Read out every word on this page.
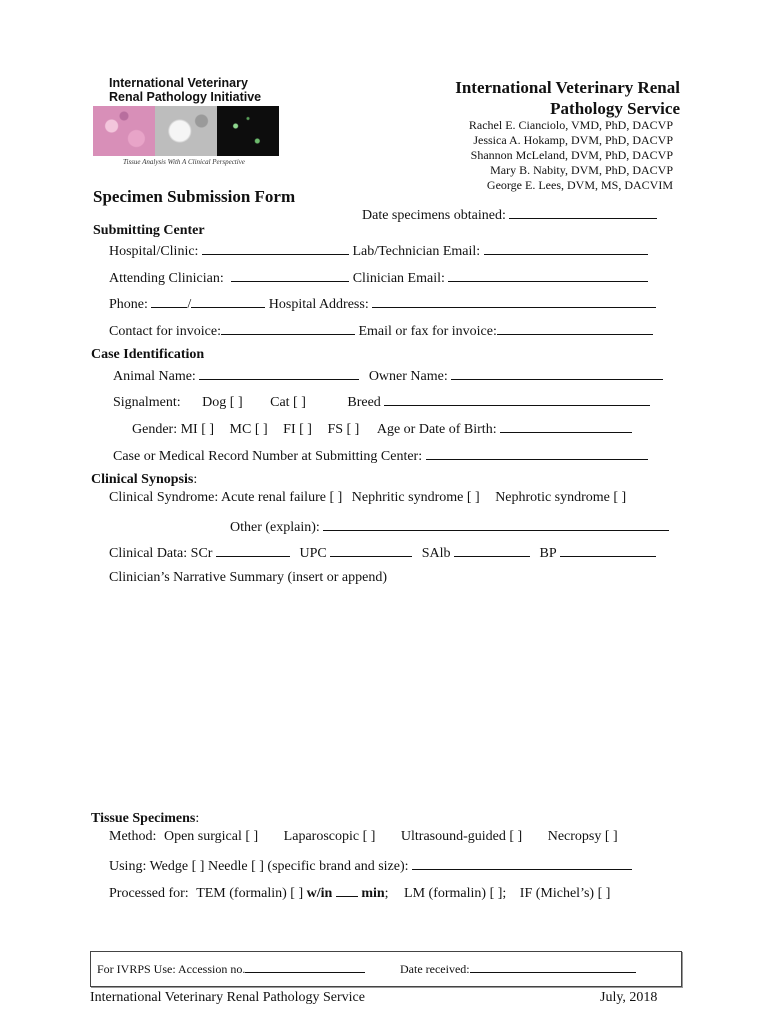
International Veterinary
Renal Pathology Initiative
Tissue Analysis With A Clinical Perspective
International Veterinary Renal
Pathology Service
Rachel E. Cianciolo, VMD, PhD, DACVP
Jessica A. Hokamp, DVM, PhD, DACVP
Shannon McLeland, DVM, PhD, DACVP
Mary B. Nabity, DVM, PhD, DACVP
George E. Lees, DVM, MS, DACVIM
Specimen Submission Form
Date specimens obtained:
Submitting Center
Hospital/Clinic:	Lab/Technician Email:
Attending Clinician:	Clinician Email:
Phone:	/	Hospital Address:
Contact for invoice:	Email or fax for invoice:
Case Identification
Animal Name:	Owner Name:
Signalment: Dog [ ] Cat [ ]	Breed
Gender: MI [ ] MC [ ] FI [ ] FS [ ] Age or Date of Birth:
Case or Medical Record Number at Submitting Center:
Clinical Synopsis:
Clinical Syndrome: Acute renal failure [ ] Nephritic syndrome [ ] Nephrotic syndrome [ ]
Other (explain):
Clinical Data: SCr	UPC	SAlb	BP
Clinician’s Narrative Summary (insert or append)
Tissue Specimens:
Method: Open surgical [ ] Laparoscopic [ ] Ultrasound-guided [ ] Necropsy [ ]
Using: Wedge [ ] Needle [ ] (specific brand and size):
Processed for: TEM (formalin) [ ] w/in min; LM (formalin) [ ]; IF (Michel’s) [ ]
For IVRPS Use: Accession no.	Date received:
International Veterinary Renal Pathology Service	July, 2018
